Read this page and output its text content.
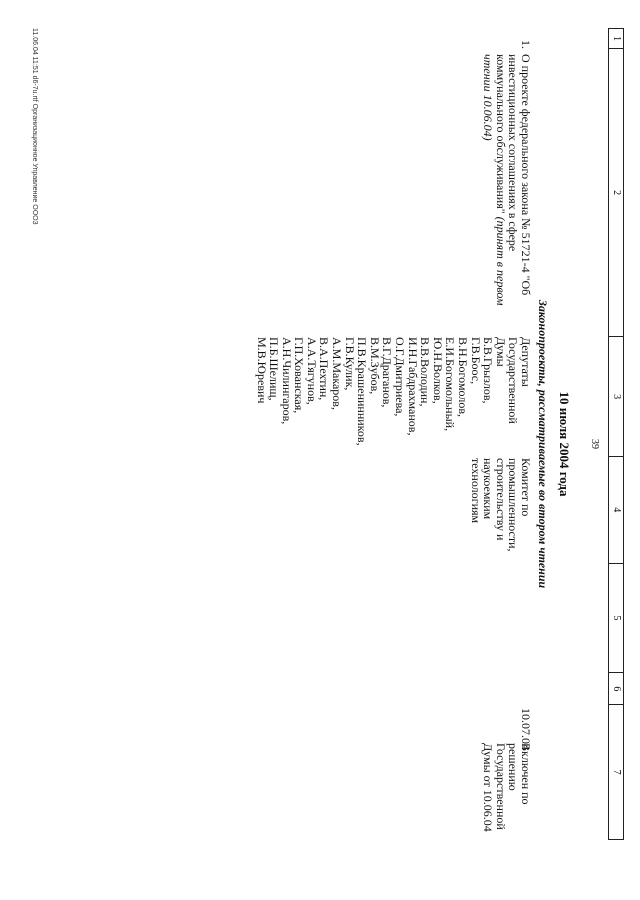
1
2
3
4
5
6
7
39
10 июля 2004 года
Законопроекты, рассматриваемые во втором чтении
1.
О проекте федерального закона № 51721-4 "Об инвестиционных соглашениях в сфере коммунального обслуживания" (принят в первом чтении 10.06.04)
Депутаты
Государственной
Думы
Б.В.Грызлов,
Г.В.Боос,
В.Н.Богомолов,
Е.И.Богомольный,
Ю.Н.Волков,
В.В.Володин,
И.Н.Габдрахманов,
О.Г.Дмитриева,
В.Г.Драганов,
В.М.Зубов,
П.В.Крашенинников,
Г.В.Кулик,
А.М.Макаров,
В.А.Пехтин,
А.А.Тягунов,
Г.П.Хованская,
А.Н.Чилингаров,
П.Б.Шелищ,
М.В.Юревич
Комитет по
промышленности,
строительству и
наукоемким
технологиям
10.07.04
Включен по
решению
Государственной
Думы от 10.06.04
11.06.04 11:51 d6-7u.rtf Организационное Управление ООО3
